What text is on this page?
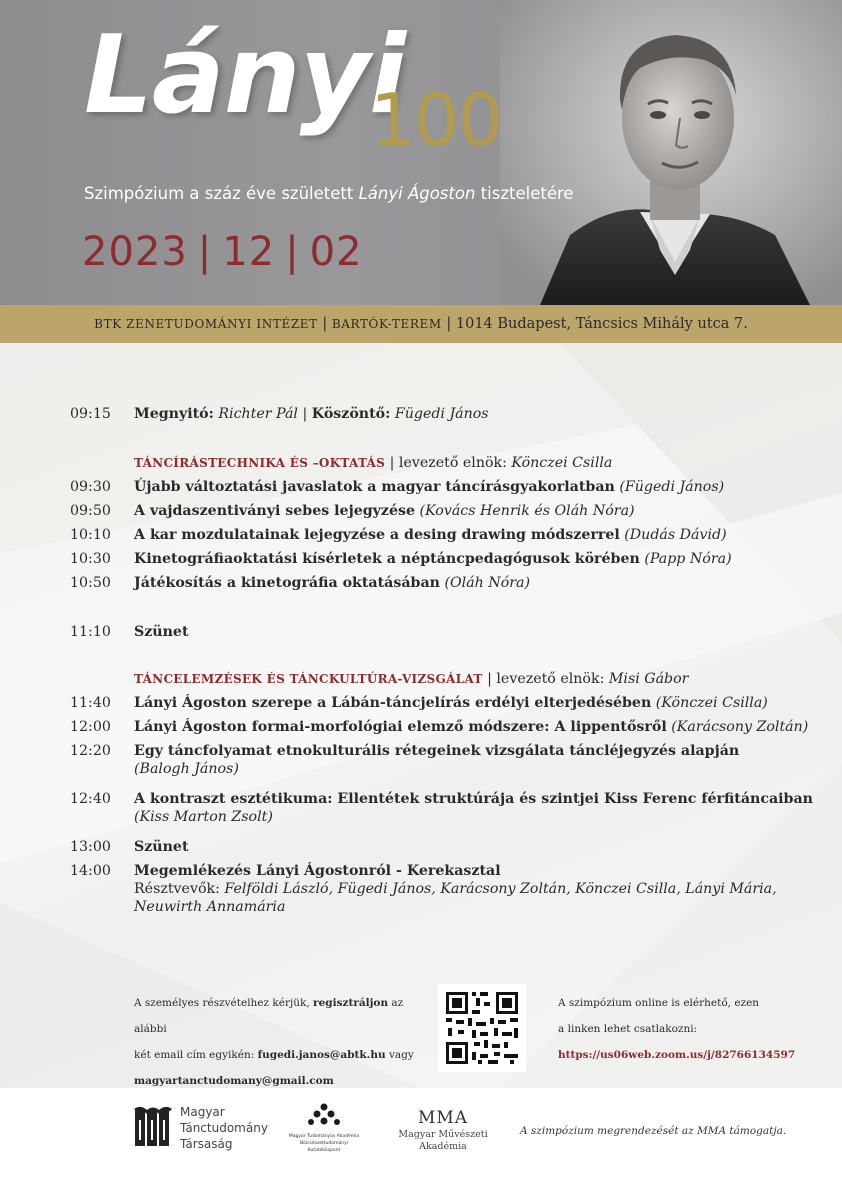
Lányi
100
Szimpózium a száz éve született Lányi Ágoston tiszteletére
2023 | 12 | 02
BTK ZENETUDOMÁNYI INTÉZET | BARTÓK-TEREM | 1014 Budapest, Táncsics Mihály utca 7.
09:15	Megnyitó: Richter Pál | Köszöntő: Fügedi János
TÁNCÍRÁSTECHNIKA ÉS –OKTATÁS | levezető elnök: Könczei Csilla
09:30	Újabb változtatási javaslatok a magyar táncírásgyakorlatban (Fügedi János)
09:50	A vajdaszentiványi sebes lejegyzése (Kovács Henrik és Oláh Nóra)
10:10	A kar mozdulatainak lejegyzése a desing drawing módszerrel (Dudás Dávid)
10:30	Kinetográfiaoktatási kísérletek a néptáncpedagógusok körében (Papp Nóra)
10:50	Játékosítás a kinetográfia oktatásában (Oláh Nóra)
11:10	Szünet
TÁNCELEMZÉSEK ÉS TÁNCKULTÚRA-VIZSGÁLAT | levezető elnök: Misi Gábor
11:40	Lányi Ágoston szerepe a Lábán-táncjelírás erdélyi elterjedésében (Könczei Csilla)
12:00	Lányi Ágoston formai-morfológiai elemző módszere: A lippentősről (Karácsony Zoltán)
12:20	Egy táncfolyamat etnokulturális rétegeinek vizsgálata táncléjegyzés alapján
(Balogh János)
12:40	A kontraszt esztétikuma: Ellentétek struktúrája és szintjei Kiss Ferenc férfitáncaiban
(Kiss Marton Zsolt)
13:00	Szünet
14:00	Megemlékezés Lányi Ágostonról - Kerekasztal
Résztvevők: Felföldi László, Fügedi János, Karácsony Zoltán, Könczei Csilla, Lányi Mária,
Neuwirth Annamária
A személyes részvételhez kérjük, regisztráljon az alábbi
két email cím egyikén: fugedi.janos@abtk.hu vagy
magyartanctudomany@gmail.com
A szimpózium online is elérhető, ezen
a linken lehet csatlakozni:
https://us06web.zoom.us/j/82766134597
Magyar
Tánctudomány
Társaság
Magyar Tudományos Akadémia
Bölcsészettudományi
Kutatóközpont
MMA
Magyar Művészeti
Akadémia
A szimpózium megrendezését az MMA támogatja.
